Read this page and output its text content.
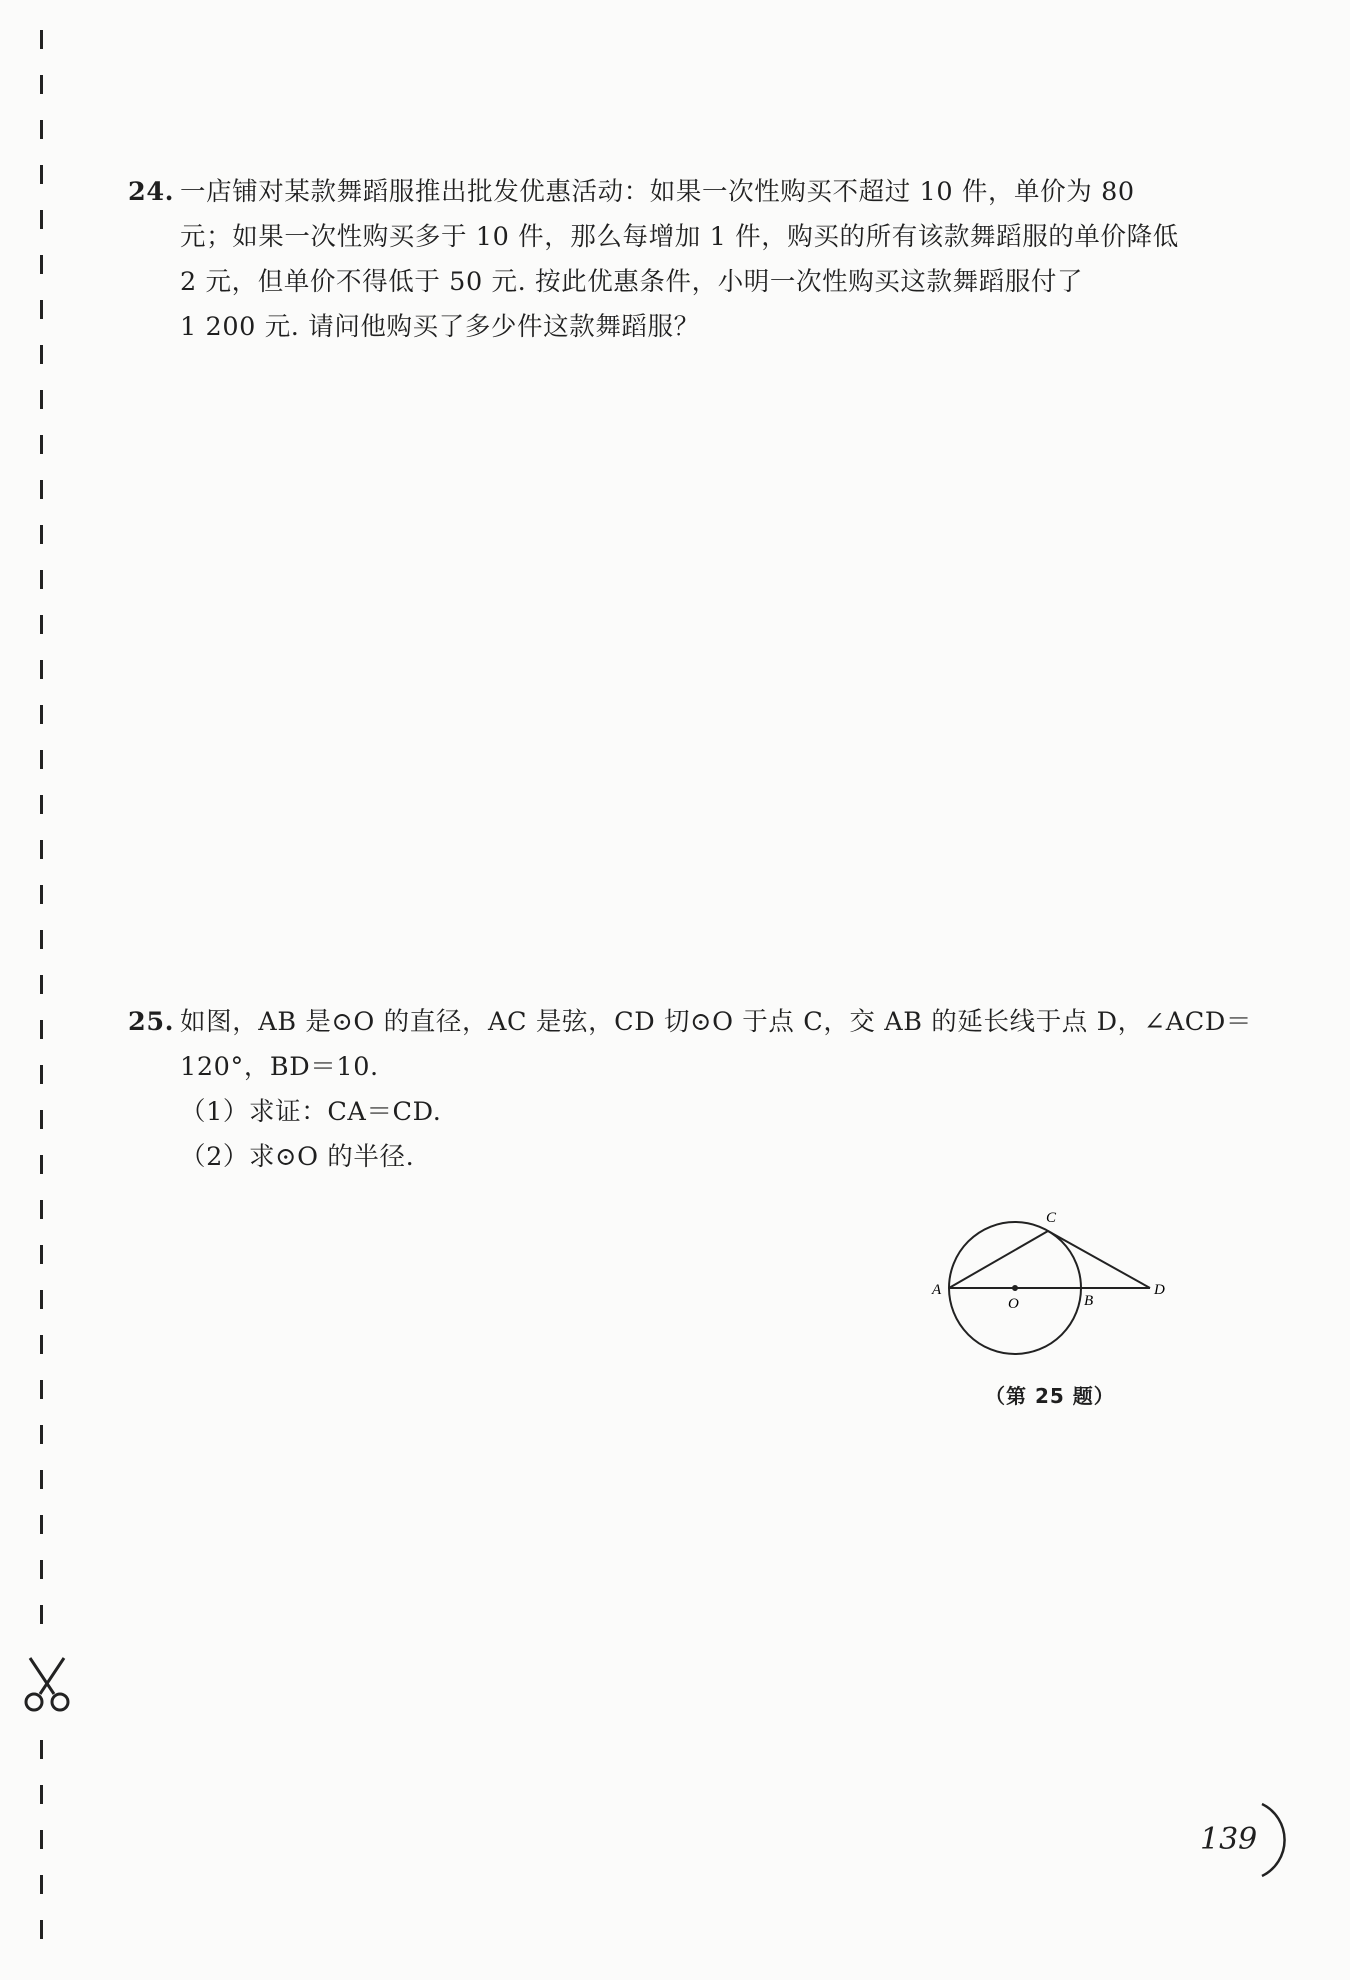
24. 一店铺对某款舞蹈服推出批发优惠活动：如果一次性购买不超过 10 件，单价为 80
元；如果一次性购买多于 10 件，那么每增加 1 件，购买的所有该款舞蹈服的单价降低
2 元，但单价不得低于 50 元. 按此优惠条件，小明一次性购买这款舞蹈服付了
1 200 元. 请问他购买了多少件这款舞蹈服？
25. 如图，AB 是⊙O 的直径，AC 是弦，CD 切⊙O 于点 C，交 AB 的延长线于点 D，∠ACD＝
120°，BD＝10.
（1）求证：CA＝CD.
（2）求⊙O 的半径.
A
C
O	B
D
（第 25 题）
139
